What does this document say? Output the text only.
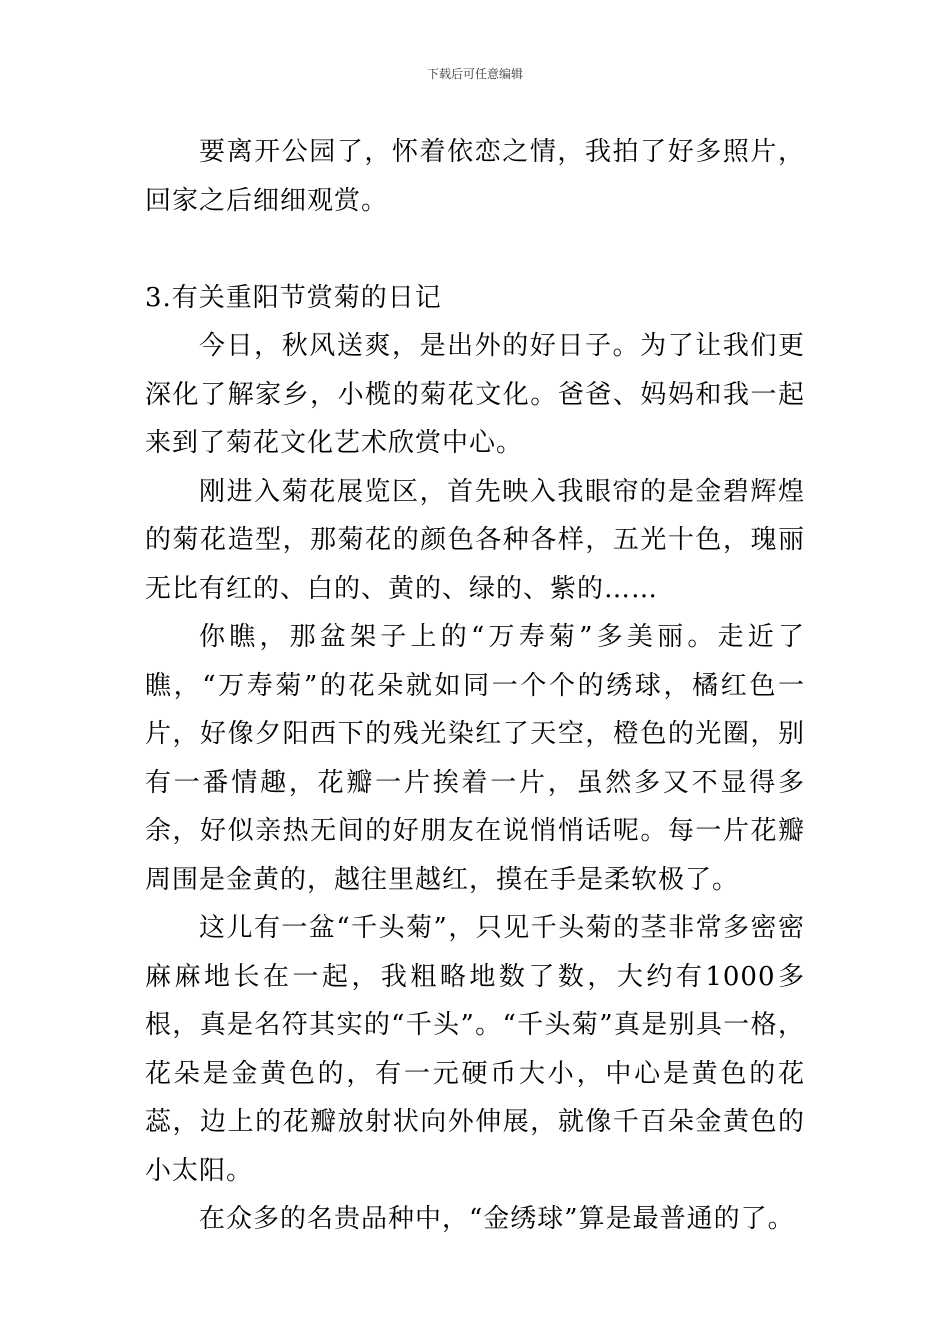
下载后可任意编辑

要离开公园了，怀着依恋之情，我拍了好多照片，回家之后细细观赏。

3.有关重阳节赏菊的日记

今日，秋风送爽，是出外的好日子。为了让我们更深化了解家乡，小榄的菊花文化。爸爸、妈妈和我一起来到了菊花文化艺术欣赏中心。

刚进入菊花展览区，首先映入我眼帘的是金碧辉煌的菊花造型，那菊花的颜色各种各样，五光十色，瑰丽无比有红的、白的、黄的、绿的、紫的……

你瞧，那盆架子上的“万寿菊”多美丽。走近了瞧，“万寿菊”的花朵就如同一个个的绣球，橘红色一片，好像夕阳西下的残光染红了天空，橙色的光圈，别有一番情趣，花瓣一片挨着一片，虽然多又不显得多余，好似亲热无间的好朋友在说悄悄话呢。每一片花瓣周围是金黄的，越往里越红，摸在手是柔软极了。

这儿有一盆“千头菊”，只见千头菊的茎非常多密密麻麻地长在一起，我粗略地数了数，大约有1000多根，真是名符其实的“千头”。“千头菊”真是别具一格，花朵是金黄色的，有一元硬币大小，中心是黄色的花蕊，边上的花瓣放射状向外伸展，就像千百朵金黄色的小太阳。

在众多的名贵品种中，“金绣球”算是最普通的了。
